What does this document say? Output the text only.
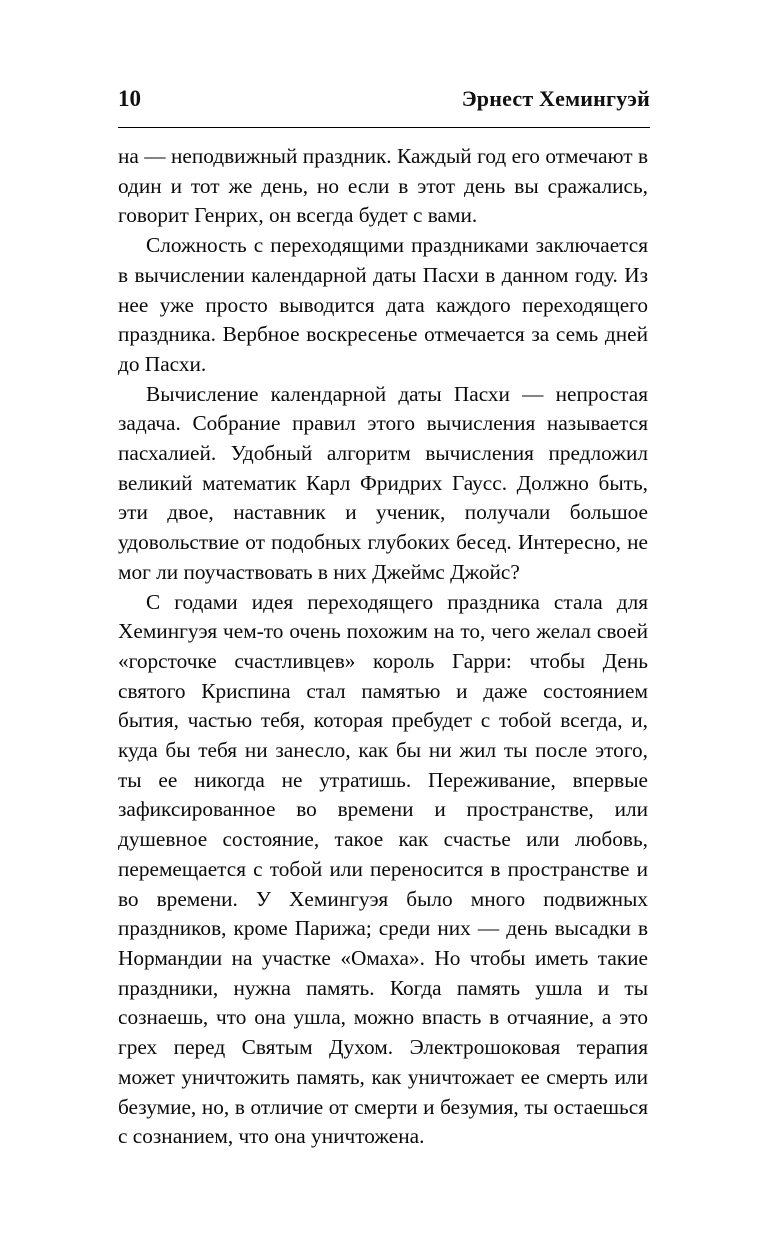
10	Эрнест Хемингуэй

на — неподвижный праздник. Каждый год его отмечают в один и тот же день, но если в этот день вы сражались, говорит Генрих, он всегда будет с вами.

Сложность с переходящими праздниками заключается в вычислении календарной даты Пасхи в данном году. Из нее уже просто выводится дата каждого переходящего праздника. Вербное воскресенье отмечается за семь дней до Пасхи.

Вычисление календарной даты Пасхи — непростая задача. Собрание правил этого вычисления называется пасхалией. Удобный алгоритм вычисления предложил великий математик Карл Фридрих Гаусс. Должно быть, эти двое, наставник и ученик, получали большое удовольствие от подобных глубоких бесед. Интересно, не мог ли поучаствовать в них Джеймс Джойс?

С годами идея переходящего праздника стала для Хемингуэя чем-то очень похожим на то, чего желал своей «горсточке счастливцев» король Гарри: чтобы День святого Криспина стал памятью и даже состоянием бытия, частью тебя, которая пребудет с тобой всегда, и, куда бы тебя ни занесло, как бы ни жил ты после этого, ты ее никогда не утратишь. Переживание, впервые зафиксированное во времени и пространстве, или душевное состояние, такое как счастье или любовь, перемещается с тобой или переносится в пространстве и во времени. У Хемингуэя было много подвижных праздников, кроме Парижа; среди них — день высадки в Нормандии на участке «Омаха». Но чтобы иметь такие праздники, нужна память. Когда память ушла и ты сознаешь, что она ушла, можно впасть в отчаяние, а это грех перед Святым Духом. Электрошоковая терапия может уничтожить память, как уничтожает ее смерть или безумие, но, в отличие от смерти и безумия, ты остаешься с сознанием, что она уничтожена.
